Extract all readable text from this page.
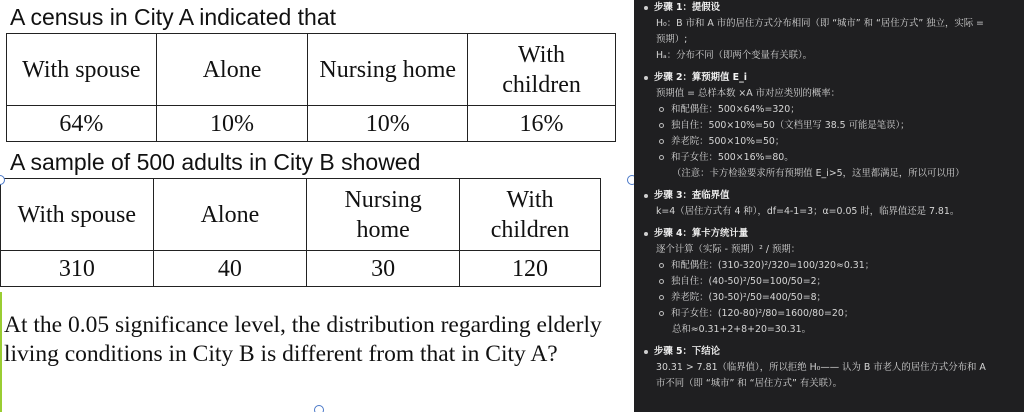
A census in City A indicated that
With spouse	Alone	Nursing home	With children
64%	10%	10%	16%
A sample of 500 adults in City B showed
With spouse	Alone	Nursing home	With children
310	40	30	120
At the 0.05 significance level, the distribution regarding elderly living conditions in City B is different from that in City A?
步骤 1：提假设
H₀：B 市和 A 市的居住方式分布相同（即 “城市” 和 “居住方式” 独立，实际 =
预期）;
Hₐ：分布不同（即两个变量有关联）。
步骤 2：算预期值 E_i
预期值 = 总样本数 ×A 市对应类别的概率：
和配偶住：500×64%=320；
独自住：500×10%=50（文档里写 38.5 可能是笔误）；
养老院：500×10%=50；
和子女住：500×16%=80。
（注意：卡方检验要求所有预期值 E_i>5，这里都满足，所以可以用）
步骤 3：查临界值
k=4（居住方式有 4 种），df=4-1=3；α=0.05 时，临界值还是 7.81。
步骤 4：算卡方统计量
逐个计算（实际 - 预期）² / 预期：
和配偶住：(310-320)²/320=100/320≈0.31；
独自住：(40-50)²/50=100/50=2；
养老院：(30-50)²/50=400/50=8；
和子女住：(120-80)²/80=1600/80=20；
总和≈0.31+2+8+20=30.31。
步骤 5：下结论
30.31 > 7.81（临界值），所以拒绝 H₀—— 认为 B 市老人的居住方式分布和 A
市不同（即 “城市” 和 “居住方式” 有关联）。
